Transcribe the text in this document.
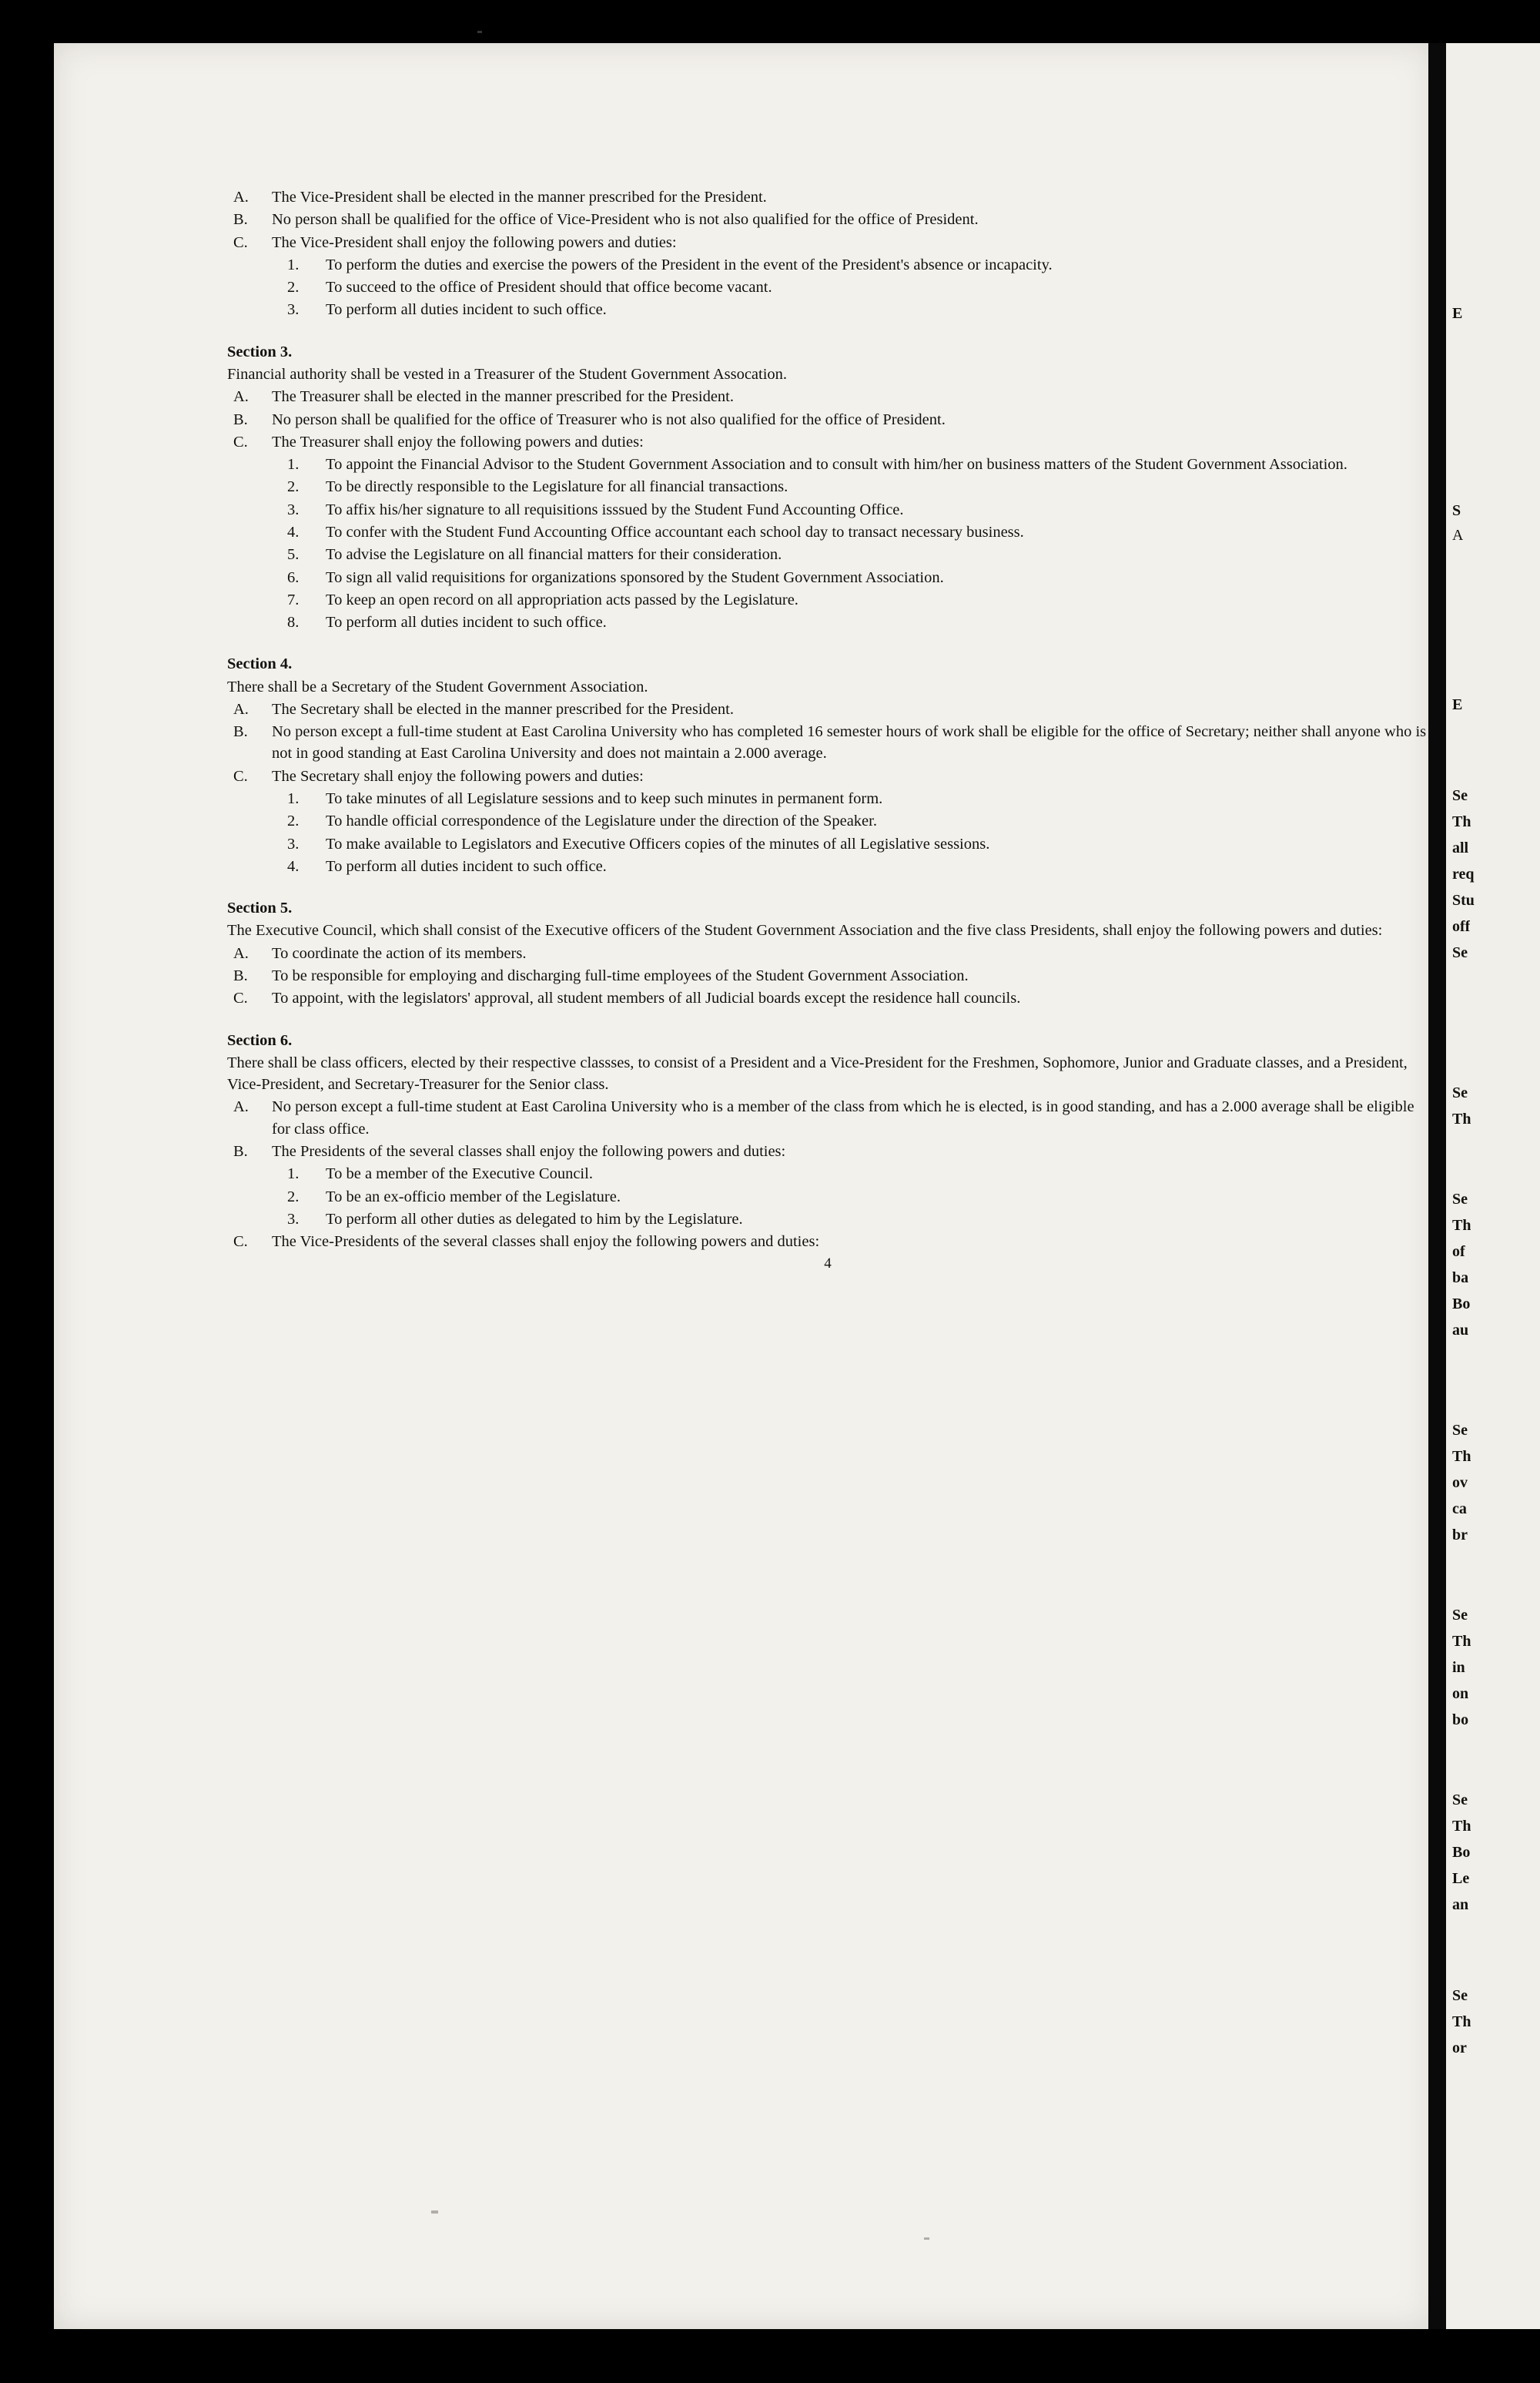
A. The Vice-President shall be elected in the manner prescribed for the President.
B. No person shall be qualified for the office of Vice-President who is not also qualified for the office of President.
C. The Vice-President shall enjoy the following powers and duties:
1. To perform the duties and exercise the powers of the President in the event of the President's absence or incapacity.
2. To succeed to the office of President should that office become vacant.
3. To perform all duties incident to such office.
Section 3.
Financial authority shall be vested in a Treasurer of the Student Government Assocation.
A. The Treasurer shall be elected in the manner prescribed for the President.
B. No person shall be qualified for the office of Treasurer who is not also qualified for the office of President.
C. The Treasurer shall enjoy the following powers and duties:
1. To appoint the Financial Advisor to the Student Government Association and to consult with him/her on business matters of the Student Government Association.
2. To be directly responsible to the Legislature for all financial transactions.
3. To affix his/her signature to all requisitions isssued by the Student Fund Accounting Office.
4. To confer with the Student Fund Accounting Office accountant each school day to transact necessary business.
5. To advise the Legislature on all financial matters for their consideration.
6. To sign all valid requisitions for organizations sponsored by the Student Government Association.
7. To keep an open record on all appropriation acts passed by the Legislature.
8. To perform all duties incident to such office.
Section 4.
There shall be a Secretary of the Student Government Association.
A. The Secretary shall be elected in the manner prescribed for the President.
B. No person except a full-time student at East Carolina University who has completed 16 semester hours of work shall be eligible for the office of Secretary; neither shall anyone who is not in good standing at East Carolina University and does not maintain a 2.000 average.
C. The Secretary shall enjoy the following powers and duties:
1. To take minutes of all Legislature sessions and to keep such minutes in permanent form.
2. To handle official correspondence of the Legislature under the direction of the Speaker.
3. To make available to Legislators and Executive Officers copies of the minutes of all Legislative sessions.
4. To perform all duties incident to such office.
Section 5.
The Executive Council, which shall consist of the Executive officers of the Student Government Association and the five class Presidents, shall enjoy the following powers and duties:
A. To coordinate the action of its members.
B. To be responsible for employing and discharging full-time employees of the Student Government Association.
C. To appoint, with the legislators' approval, all student members of all Judicial boards except the residence hall councils.
Section 6.
There shall be class officers, elected by their respective classses, to consist of a President and a Vice-President for the Freshmen, Sophomore, Junior and Graduate classes, and a President, Vice-President, and Secretary-Treasurer for the Senior class.
A. No person except a full-time student at East Carolina University who is a member of the class from which he is elected, is in good standing, and has a 2.000 average shall be eligible for class office.
B. The Presidents of the several classes shall enjoy the following powers and duties:
1. To be a member of the Executive Council.
2. To be an ex-officio member of the Legislature.
3. To perform all other duties as delegated to him by the Legislature.
C. The Vice-Presidents of the several classes shall enjoy the following powers and duties:
4
E
S
A
E
Se
Th
all
req
Stu
off
Se
Se
Th
Se
Th
of
ba
Bo
au
Se
Th
ov
ca
br
Se
Th
in
on
bo
Se
Th
Bo
Le
an
Se
Th
or
